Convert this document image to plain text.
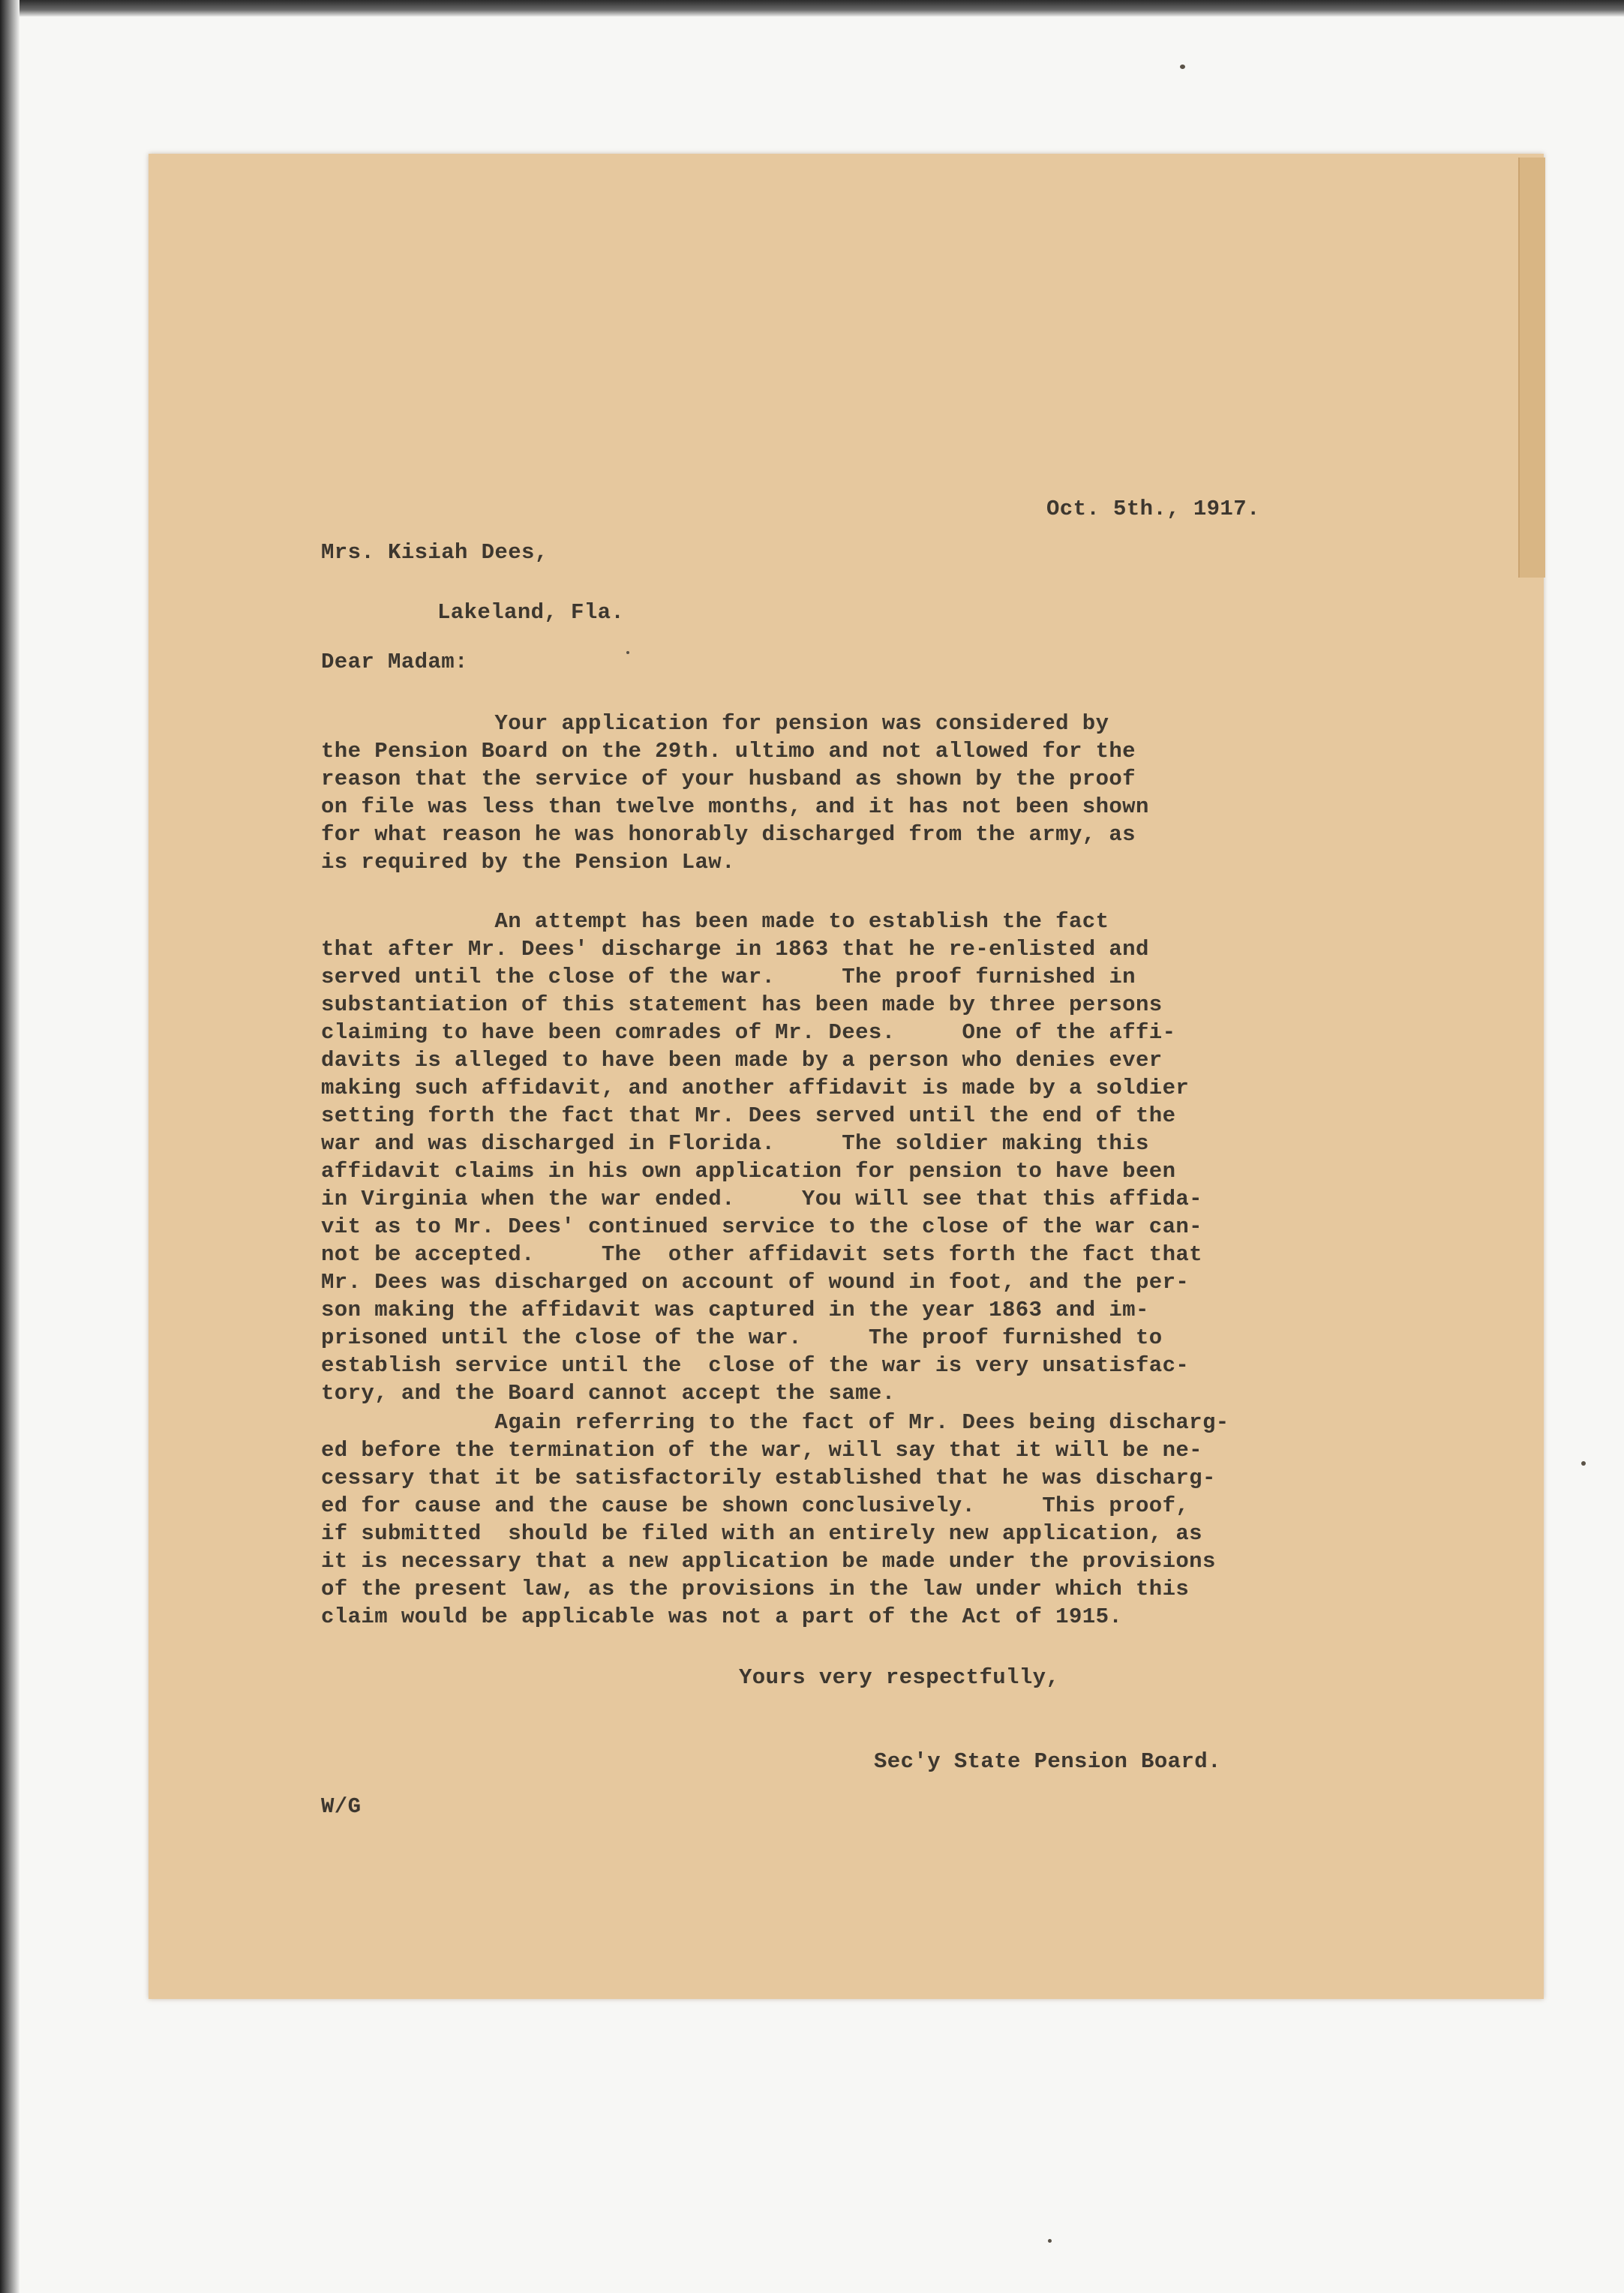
Oct. 5th., 1917.
Mrs. Kisiah Dees,
Lakeland, Fla.
Dear Madam:
Your application for pension was considered by
the Pension Board on the 29th. ultimo and not allowed for the
reason that the service of your husband as shown by the proof
on file was less than twelve months, and it has not been shown
for what reason he was honorably discharged from the army, as
is required by the Pension Law.
An attempt has been made to establish the fact
that after Mr. Dees' discharge in 1863 that he re-enlisted and
served until the close of the war.     The proof furnished in
substantiation of this statement has been made by three persons
claiming to have been comrades of Mr. Dees.     One of the affi-
davits is alleged to have been made by a person who denies ever
making such affidavit, and another affidavit is made by a soldier
setting forth the fact that Mr. Dees served until the end of the
war and was discharged in Florida.     The soldier making this
affidavit claims in his own application for pension to have been
in Virginia when the war ended.     You will see that this affida-
vit as to Mr. Dees' continued service to the close of the war can-
not be accepted.     The  other affidavit sets forth the fact that
Mr. Dees was discharged on account of wound in foot, and the per-
son making the affidavit was captured in the year 1863 and im-
prisoned until the close of the war.     The proof furnished to
establish service until the  close of the war is very unsatisfac-
tory, and the Board cannot accept the same.
Again referring to the fact of Mr. Dees being discharg-
ed before the termination of the war, will say that it will be ne-
cessary that it be satisfactorily established that he was discharg-
ed for cause and the cause be shown conclusively.     This proof,
if submitted  should be filed with an entirely new application, as
it is necessary that a new application be made under the provisions
of the present law, as the provisions in the law under which this
claim would be applicable was not a part of the Act of 1915.
Yours very respectfully,
Sec'y State Pension Board.
W/G
